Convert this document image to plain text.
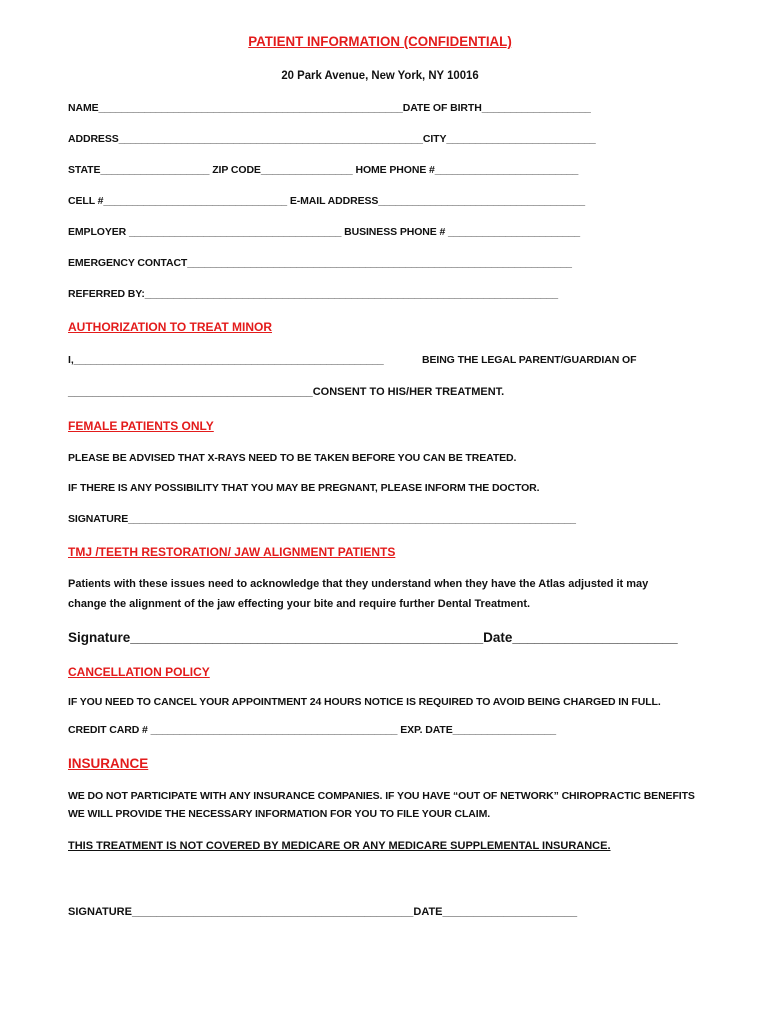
PATIENT INFORMATION (CONFIDENTIAL)
20 Park Avenue, New York, NY 10016
NAME_____________________________________________________DATE OF BIRTH___________________
ADDRESS_____________________________________________________CITY__________________________
STATE___________________ ZIP CODE________________ HOME PHONE #_________________________
CELL #________________________________ E-MAIL ADDRESS____________________________________
EMPLOYER _____________________________________ BUSINESS PHONE # _______________________
EMERGENCY CONTACT___________________________________________________________________
REFERRED BY:________________________________________________________________________
AUTHORIZATION TO TREAT MINOR
I,______________________________________________________	BEING THE LEGAL PARENT/GUARDIAN OF
________________________________________CONSENT TO HIS/HER TREATMENT.
FEMALE PATIENTS ONLY
PLEASE BE ADVISED THAT X-RAYS NEED TO BE TAKEN BEFORE YOU CAN BE TREATED.
IF THERE IS ANY POSSIBILITY THAT YOU MAY BE PREGNANT, PLEASE INFORM THE DOCTOR.
SIGNATURE______________________________________________________________________________
TMJ /TEETH RESTORATION/ JAW ALIGNMENT PATIENTS
Patients with these issues need to acknowledge that they understand when they have the Atlas adjusted it may
change the alignment of the jaw effecting your bite and require further Dental Treatment.
Signature_______________________________________________Date______________________
CANCELLATION POLICY
IF YOU NEED TO CANCEL YOUR APPOINTMENT 24 HOURS NOTICE IS REQUIRED TO AVOID BEING CHARGED IN FULL.
CREDIT CARD # ___________________________________________ EXP. DATE__________________
INSURANCE
WE DO NOT PARTICIPATE WITH ANY INSURANCE COMPANIES. IF YOU HAVE “OUT OF NETWORK” CHIROPRACTIC BENEFITS
WE WILL PROVIDE THE NECESSARY INFORMATION FOR YOU TO FILE YOUR CLAIM.
THIS TREATMENT IS NOT COVERED BY MEDICARE OR ANY MEDICARE SUPPLEMENTAL INSURANCE.
SIGNATURE______________________________________________DATE______________________
